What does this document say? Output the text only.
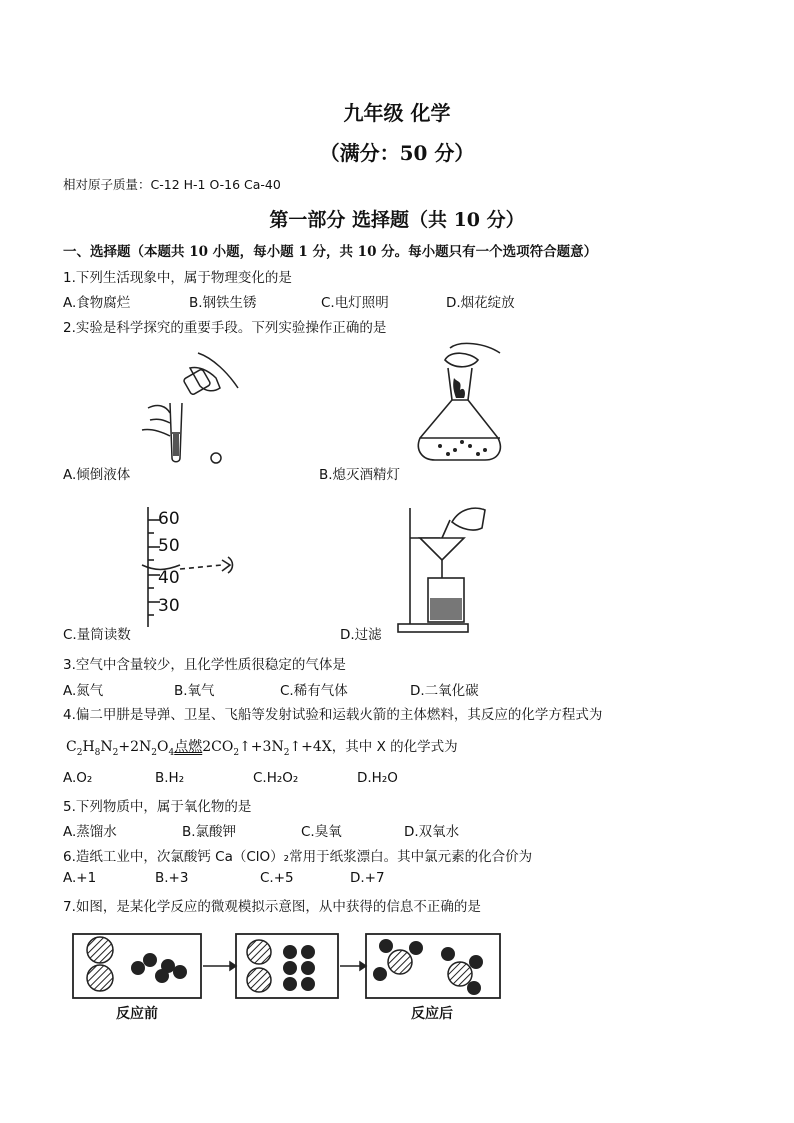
九年级 化学
（满分：50 分）
相对原子质量：C-12 H-1 O-16 Ca-40
第一部分 选择题（共 10 分）
一、选择题（本题共 10 小题，每小题 1 分，共 10 分。每小题只有一个选项符合题意）
1.下列生活现象中，属于物理变化的是
A.食物腐烂	B.钢铁生锈	C.电灯照明	D.烟花绽放
2.实验是科学探究的重要手段。下列实验操作正确的是
A.倾倒液体	B.熄灭酒精灯
60
50
40
30
C.量筒读数	D.过滤
3.空气中含量较少，且化学性质很稳定的气体是
A.氮气	B.氧气	C.稀有气体	D.二氧化碳
4.偏二甲肼是导弹、卫星、飞船等发射试验和运载火箭的主体燃料，其反应的化学方程式为
$C_2H_8N_2+2N_2O_4$点燃$2CO_2↑+3N_2↑+4X$，其中 X 的化学式为
A.O₂	B.H₂	C.H₂O₂	D.H₂O
5.下列物质中，属于氧化物的是
A.蒸馏水	B.氯酸钾	C.臭氧	D.双氧水
6.造纸工业中，次氯酸钙 Ca（ClO）₂常用于纸浆漂白。其中氯元素的化合价为
A.+1	B.+3	C.+5	D.+7
7.如图，是某化学反应的微观模拟示意图，从中获得的信息不正确的是
反应前	反应后
